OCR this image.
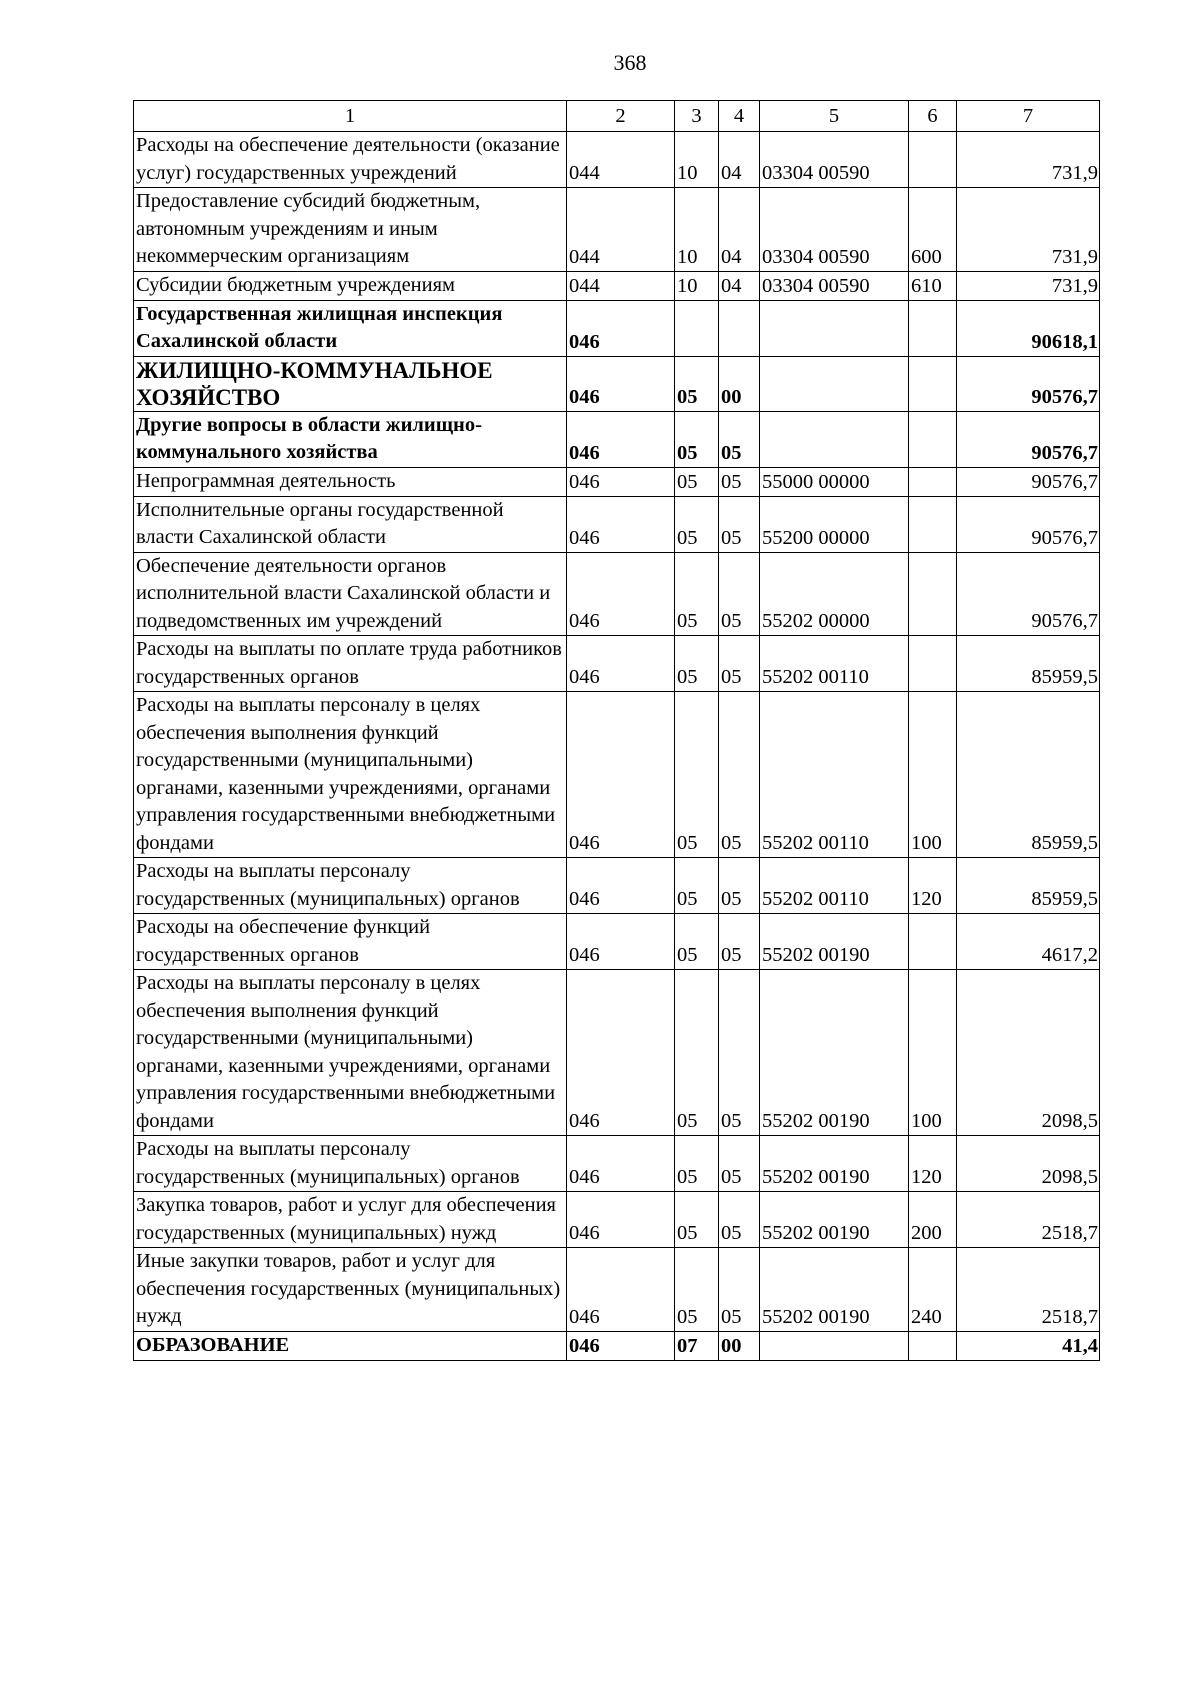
368
1	2	3	4	5	6	7
Расходы на обеспечение деятельности (оказание услуг) государственных учреждений	044	10	04	03304 00590		731,9
Предоставление субсидий бюджетным, автономным учреждениям и иным некоммерческим организациям	044	10	04	03304 00590	600	731,9
Субсидии бюджетным учреждениям	044	10	04	03304 00590	610	731,9
Государственная жилищная инспекция Сахалинской области	046					90618,1
ЖИЛИЩНО-КОММУНАЛЬНОЕ ХОЗЯЙСТВО	046	05	00			90576,7
Другие вопросы в области жилищно-коммунального хозяйства	046	05	05			90576,7
Непрограммная деятельность	046	05	05	55000 00000		90576,7
Исполнительные органы государственной власти Сахалинской области	046	05	05	55200 00000		90576,7
Обеспечение деятельности органов исполнительной власти Сахалинской области и подведомственных им учреждений	046	05	05	55202 00000		90576,7
Расходы на выплаты по оплате труда работников государственных органов	046	05	05	55202 00110		85959,5
Расходы на выплаты персоналу в целях обеспечения выполнения функций государственными (муниципальными) органами, казенными учреждениями, органами управления государственными внебюджетными фондами	046	05	05	55202 00110	100	85959,5
Расходы на выплаты персоналу государственных (муниципальных) органов	046	05	05	55202 00110	120	85959,5
Расходы на обеспечение функций государственных органов	046	05	05	55202 00190		4617,2
Расходы на выплаты персоналу в целях обеспечения выполнения функций государственными (муниципальными) органами, казенными учреждениями, органами управления государственными внебюджетными фондами	046	05	05	55202 00190	100	2098,5
Расходы на выплаты персоналу государственных (муниципальных) органов	046	05	05	55202 00190	120	2098,5
Закупка товаров, работ и услуг для обеспечения государственных (муниципальных) нужд	046	05	05	55202 00190	200	2518,7
Иные закупки товаров, работ и услуг для обеспечения государственных (муниципальных) нужд	046	05	05	55202 00190	240	2518,7
ОБРАЗОВАНИЕ	046	07	00			41,4
